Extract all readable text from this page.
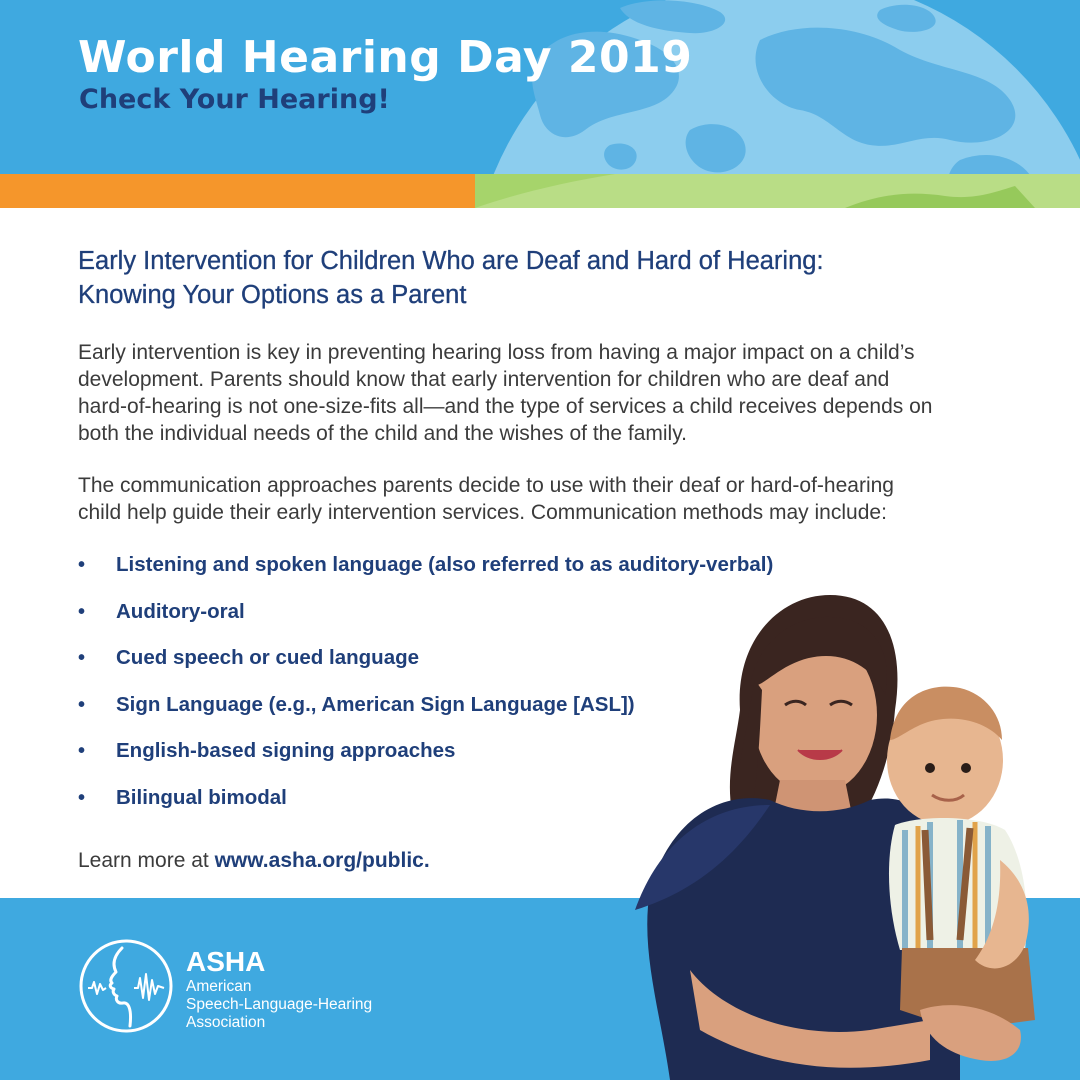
World Hearing Day 2019
Check Your Hearing!
Early Intervention for Children Who are Deaf and Hard of Hearing:
Knowing Your Options as a Parent
Early intervention is key in preventing hearing loss from having a major impact on a child’s
development. Parents should know that early intervention for children who are deaf and
hard-of-hearing is not one-size-fits all—and the type of services a child receives depends on
both the individual needs of the child and the wishes of the family.
The communication approaches parents decide to use with their deaf or hard-of-hearing
child help guide their early intervention services. Communication methods may include:
• Listening and spoken language (also referred to as auditory-verbal)
• Auditory-oral
• Cued speech or cued language
• Sign Language (e.g., American Sign Language [ASL])
• English-based signing approaches
• Bilingual bimodal
Learn more at www.asha.org/public.
ASHA
American
Speech-Language-Hearing
Association
